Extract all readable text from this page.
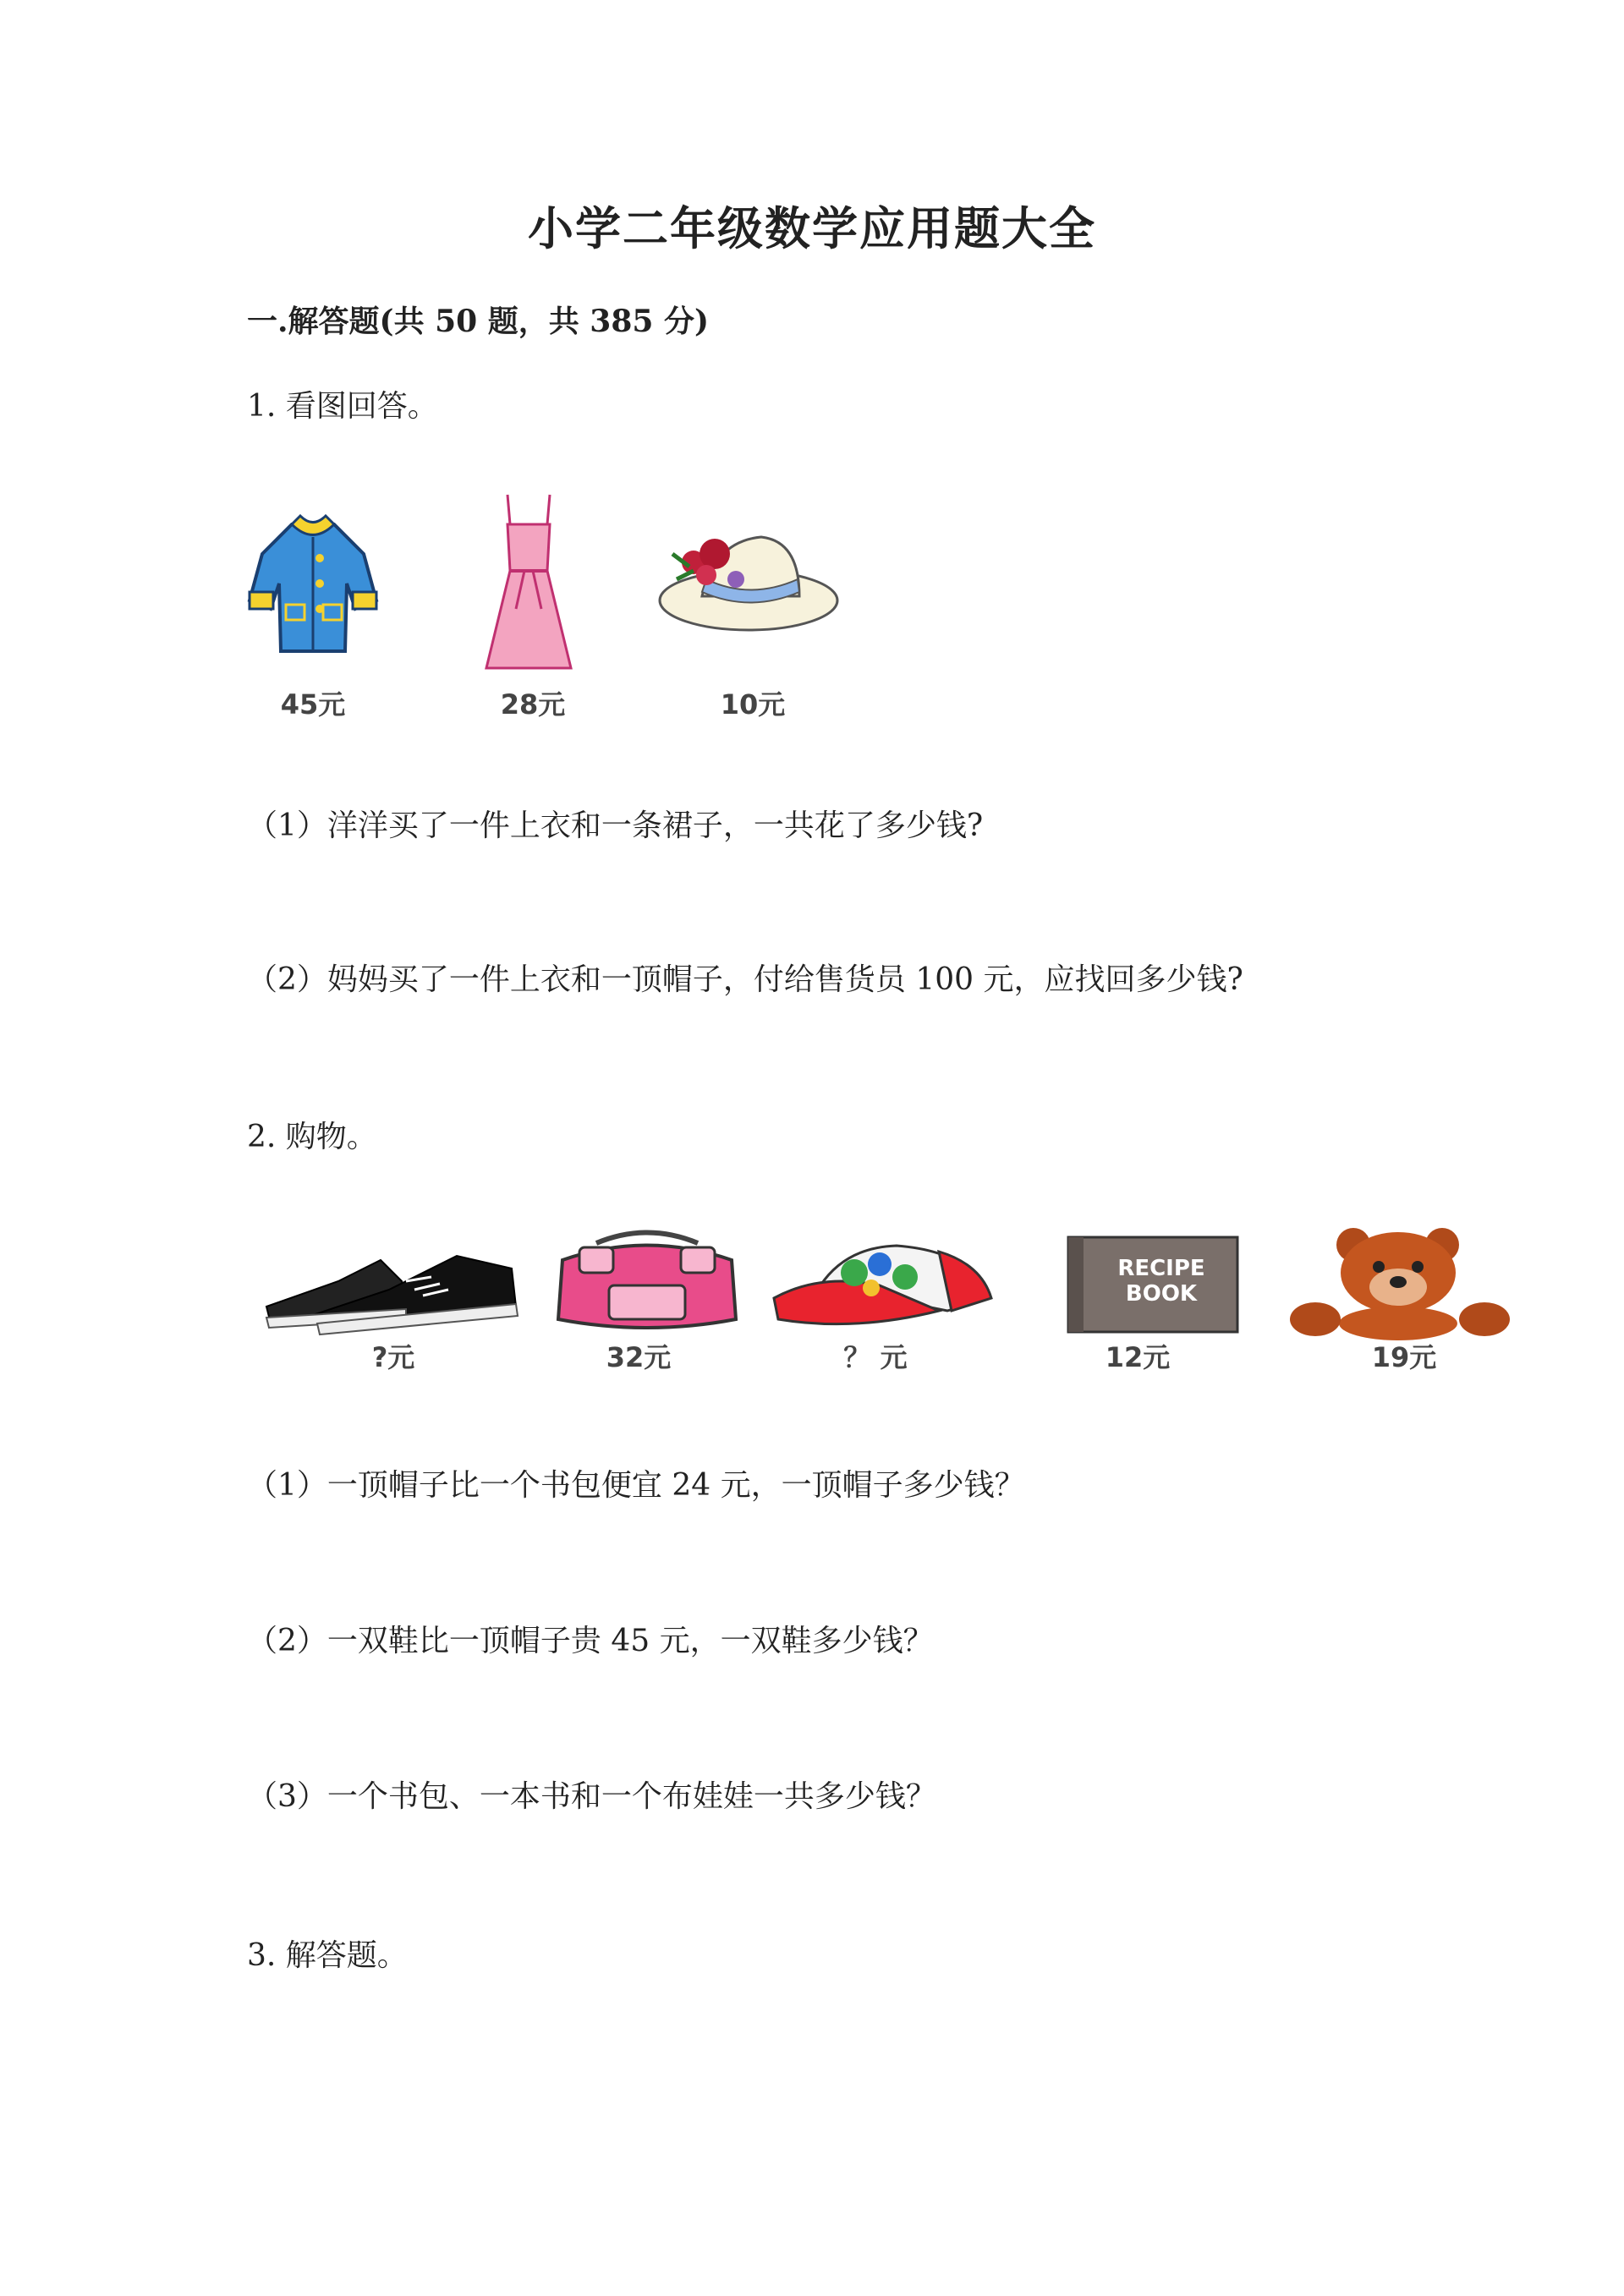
小学二年级数学应用题大全
一.解答题(共 50 题，共 385 分)
1. 看图回答。
45元	28元	10元
（1）洋洋买了一件上衣和一条裙子，一共花了多少钱?
（2）妈妈买了一件上衣和一顶帽子，付给售货员 100 元，应找回多少钱?
2. 购物。
?元	32元	？ 元
RECIPE
BOOK
12元	19元
（1）一顶帽子比一个书包便宜 24 元，一顶帽子多少钱？
（2）一双鞋比一顶帽子贵 45 元，一双鞋多少钱？
（3）一个书包、一本书和一个布娃娃一共多少钱？
3. 解答题。
